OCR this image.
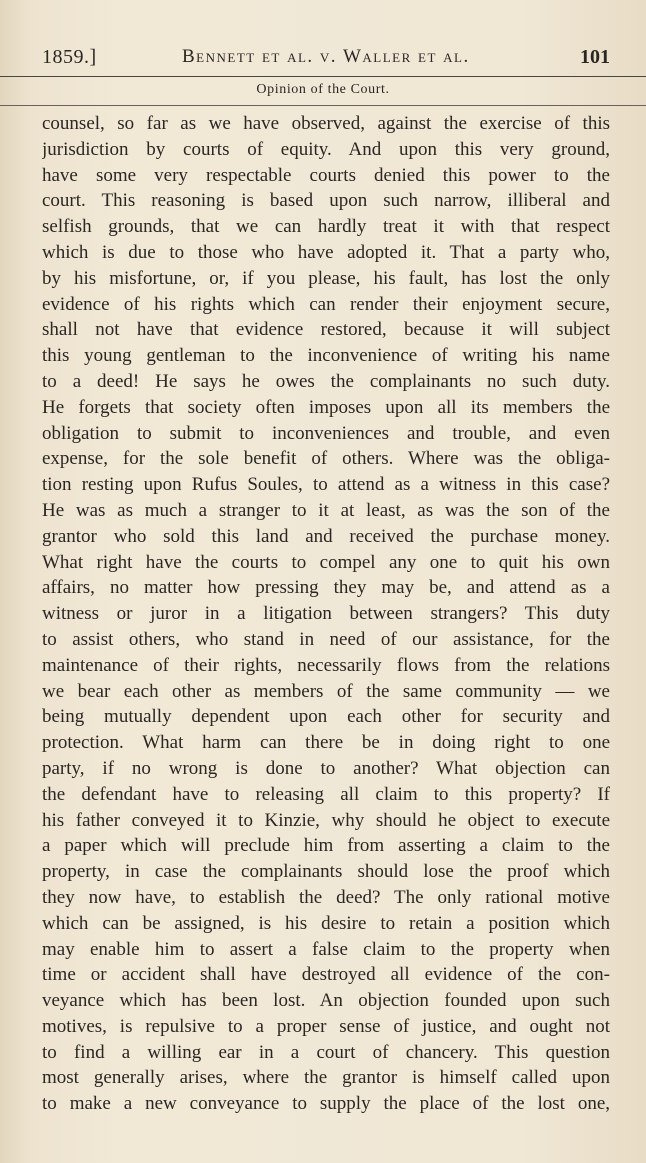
1859.]	Bennett et al. v. Waller et al.	101
Opinion of the Court.
counsel, so far as we have observed, against the exercise of this
jurisdiction by courts of equity. And upon this very ground,
have some very respectable courts denied this power to the
court. This reasoning is based upon such narrow, illiberal and
selfish grounds, that we can hardly treat it with that respect
which is due to those who have adopted it. That a party who,
by his misfortune, or, if you please, his fault, has lost the only
evidence of his rights which can render their enjoyment secure,
shall not have that evidence restored, because it will subject
this young gentleman to the inconvenience of writing his name
to a deed! He says he owes the complainants no such duty.
He forgets that society often imposes upon all its members the
obligation to submit to inconveniences and trouble, and even
expense, for the sole benefit of others. Where was the obliga-
tion resting upon Rufus Soules, to attend as a witness in this case?
He was as much a stranger to it at least, as was the son of the
grantor who sold this land and received the purchase money.
What right have the courts to compel any one to quit his own
affairs, no matter how pressing they may be, and attend as a
witness or juror in a litigation between strangers? This duty
to assist others, who stand in need of our assistance, for the
maintenance of their rights, necessarily flows from the relations
we bear each other as members of the same community — we
being mutually dependent upon each other for security and
protection. What harm can there be in doing right to one
party, if no wrong is done to another? What objection can
the defendant have to releasing all claim to this property? If
his father conveyed it to Kinzie, why should he object to execute
a paper which will preclude him from asserting a claim to the
property, in case the complainants should lose the proof which
they now have, to establish the deed? The only rational motive
which can be assigned, is his desire to retain a position which
may enable him to assert a false claim to the property when
time or accident shall have destroyed all evidence of the con-
veyance which has been lost. An objection founded upon such
motives, is repulsive to a proper sense of justice, and ought not
to find a willing ear in a court of chancery. This question
most generally arises, where the grantor is himself called upon
to make a new conveyance to supply the place of the lost one,
